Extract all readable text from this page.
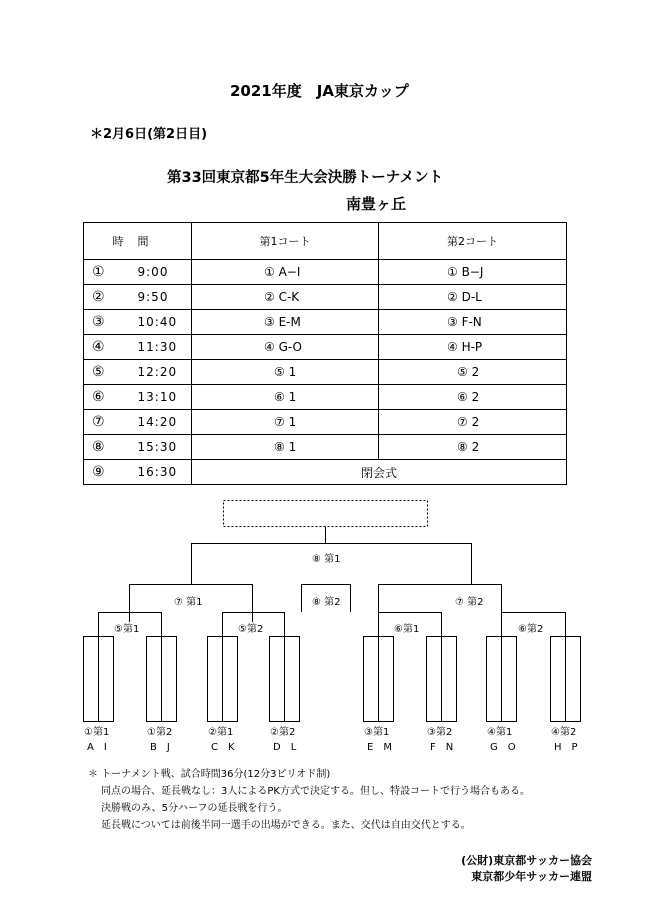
2021年度　JA東京カップ
＊2月6日(第2日目)
第33回東京都5年生大会決勝トーナメント
南豊ヶ丘
時間		第1コート	第2コート
①	9:00	① A−I	① B−J
②	9:50	② C-K	② D-L
③	10:40	③ E-M	③ F-N
④	11:30	④ G-O	④ H-P
⑤	12:20	⑤ 1	⑤ 2
⑥	13:10	⑥ 1	⑥ 2
⑦	14:20	⑦ 1	⑦ 2
⑧	15:30	⑧ 1	⑧ 2
⑨	16:30	閉会式	
⑧ 第1
⑦ 第1	⑧ 第2	⑦ 第2
⑤第1	⑤第2	⑥第1	⑥第2
①第1	①第2	②第1	②第2	③第1	③第2	④第1	④第2
A　I	B　J	C　K	D　L	E　M	F　N	G　O	H　P
＊ トーナメント戦、試合時間36分(12分3ピリオド制)
同点の場合、延長戦なし：3人によるPK方式で決定する。但し、特設コートで行う場合もある。
決勝戦のみ、5分ハーフの延長戦を行う。
延長戦については前後半同一選手の出場ができる。また、交代は自由交代とする。
(公財)東京都サッカー協会
東京都少年サッカー連盟
